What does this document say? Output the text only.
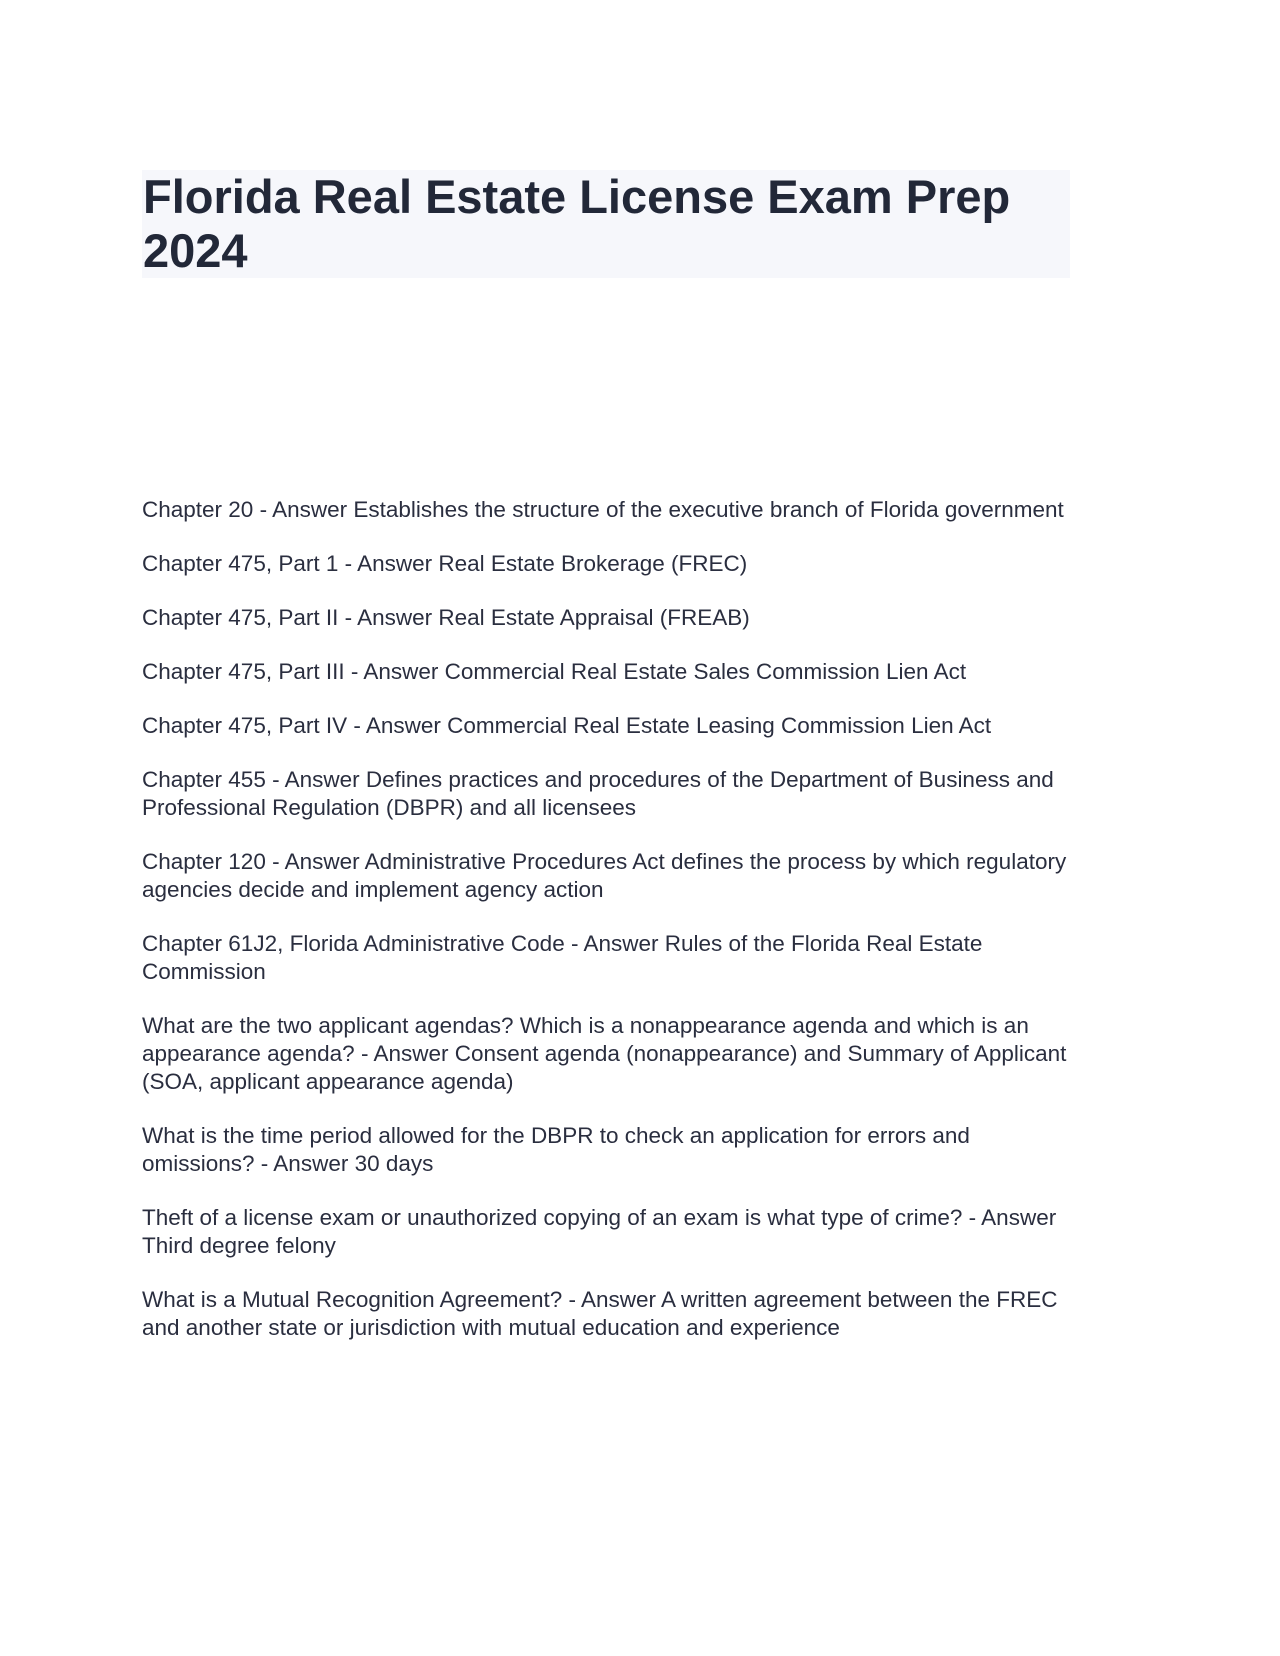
Florida Real Estate License Exam Prep 2024

Chapter 20 - Answer Establishes the structure of the executive branch of Florida government

Chapter 475, Part 1 - Answer Real Estate Brokerage (FREC)

Chapter 475, Part II - Answer Real Estate Appraisal (FREAB)

Chapter 475, Part III - Answer Commercial Real Estate Sales Commission Lien Act

Chapter 475, Part IV - Answer Commercial Real Estate Leasing Commission Lien Act

Chapter 455 - Answer Defines practices and procedures of the Department of Business and Professional Regulation (DBPR) and all licensees

Chapter 120 - Answer Administrative Procedures Act defines the process by which regulatory agencies decide and implement agency action

Chapter 61J2, Florida Administrative Code - Answer Rules of the Florida Real Estate Commission

What are the two applicant agendas? Which is a nonappearance agenda and which is an appearance agenda? - Answer Consent agenda (nonappearance) and Summary of Applicant (SOA, applicant appearance agenda)

What is the time period allowed for the DBPR to check an application for errors and omissions? - Answer 30 days

Theft of a license exam or unauthorized copying of an exam is what type of crime? - Answer Third degree felony

What is a Mutual Recognition Agreement? - Answer A written agreement between the FREC and another state or jurisdiction with mutual education and experience
